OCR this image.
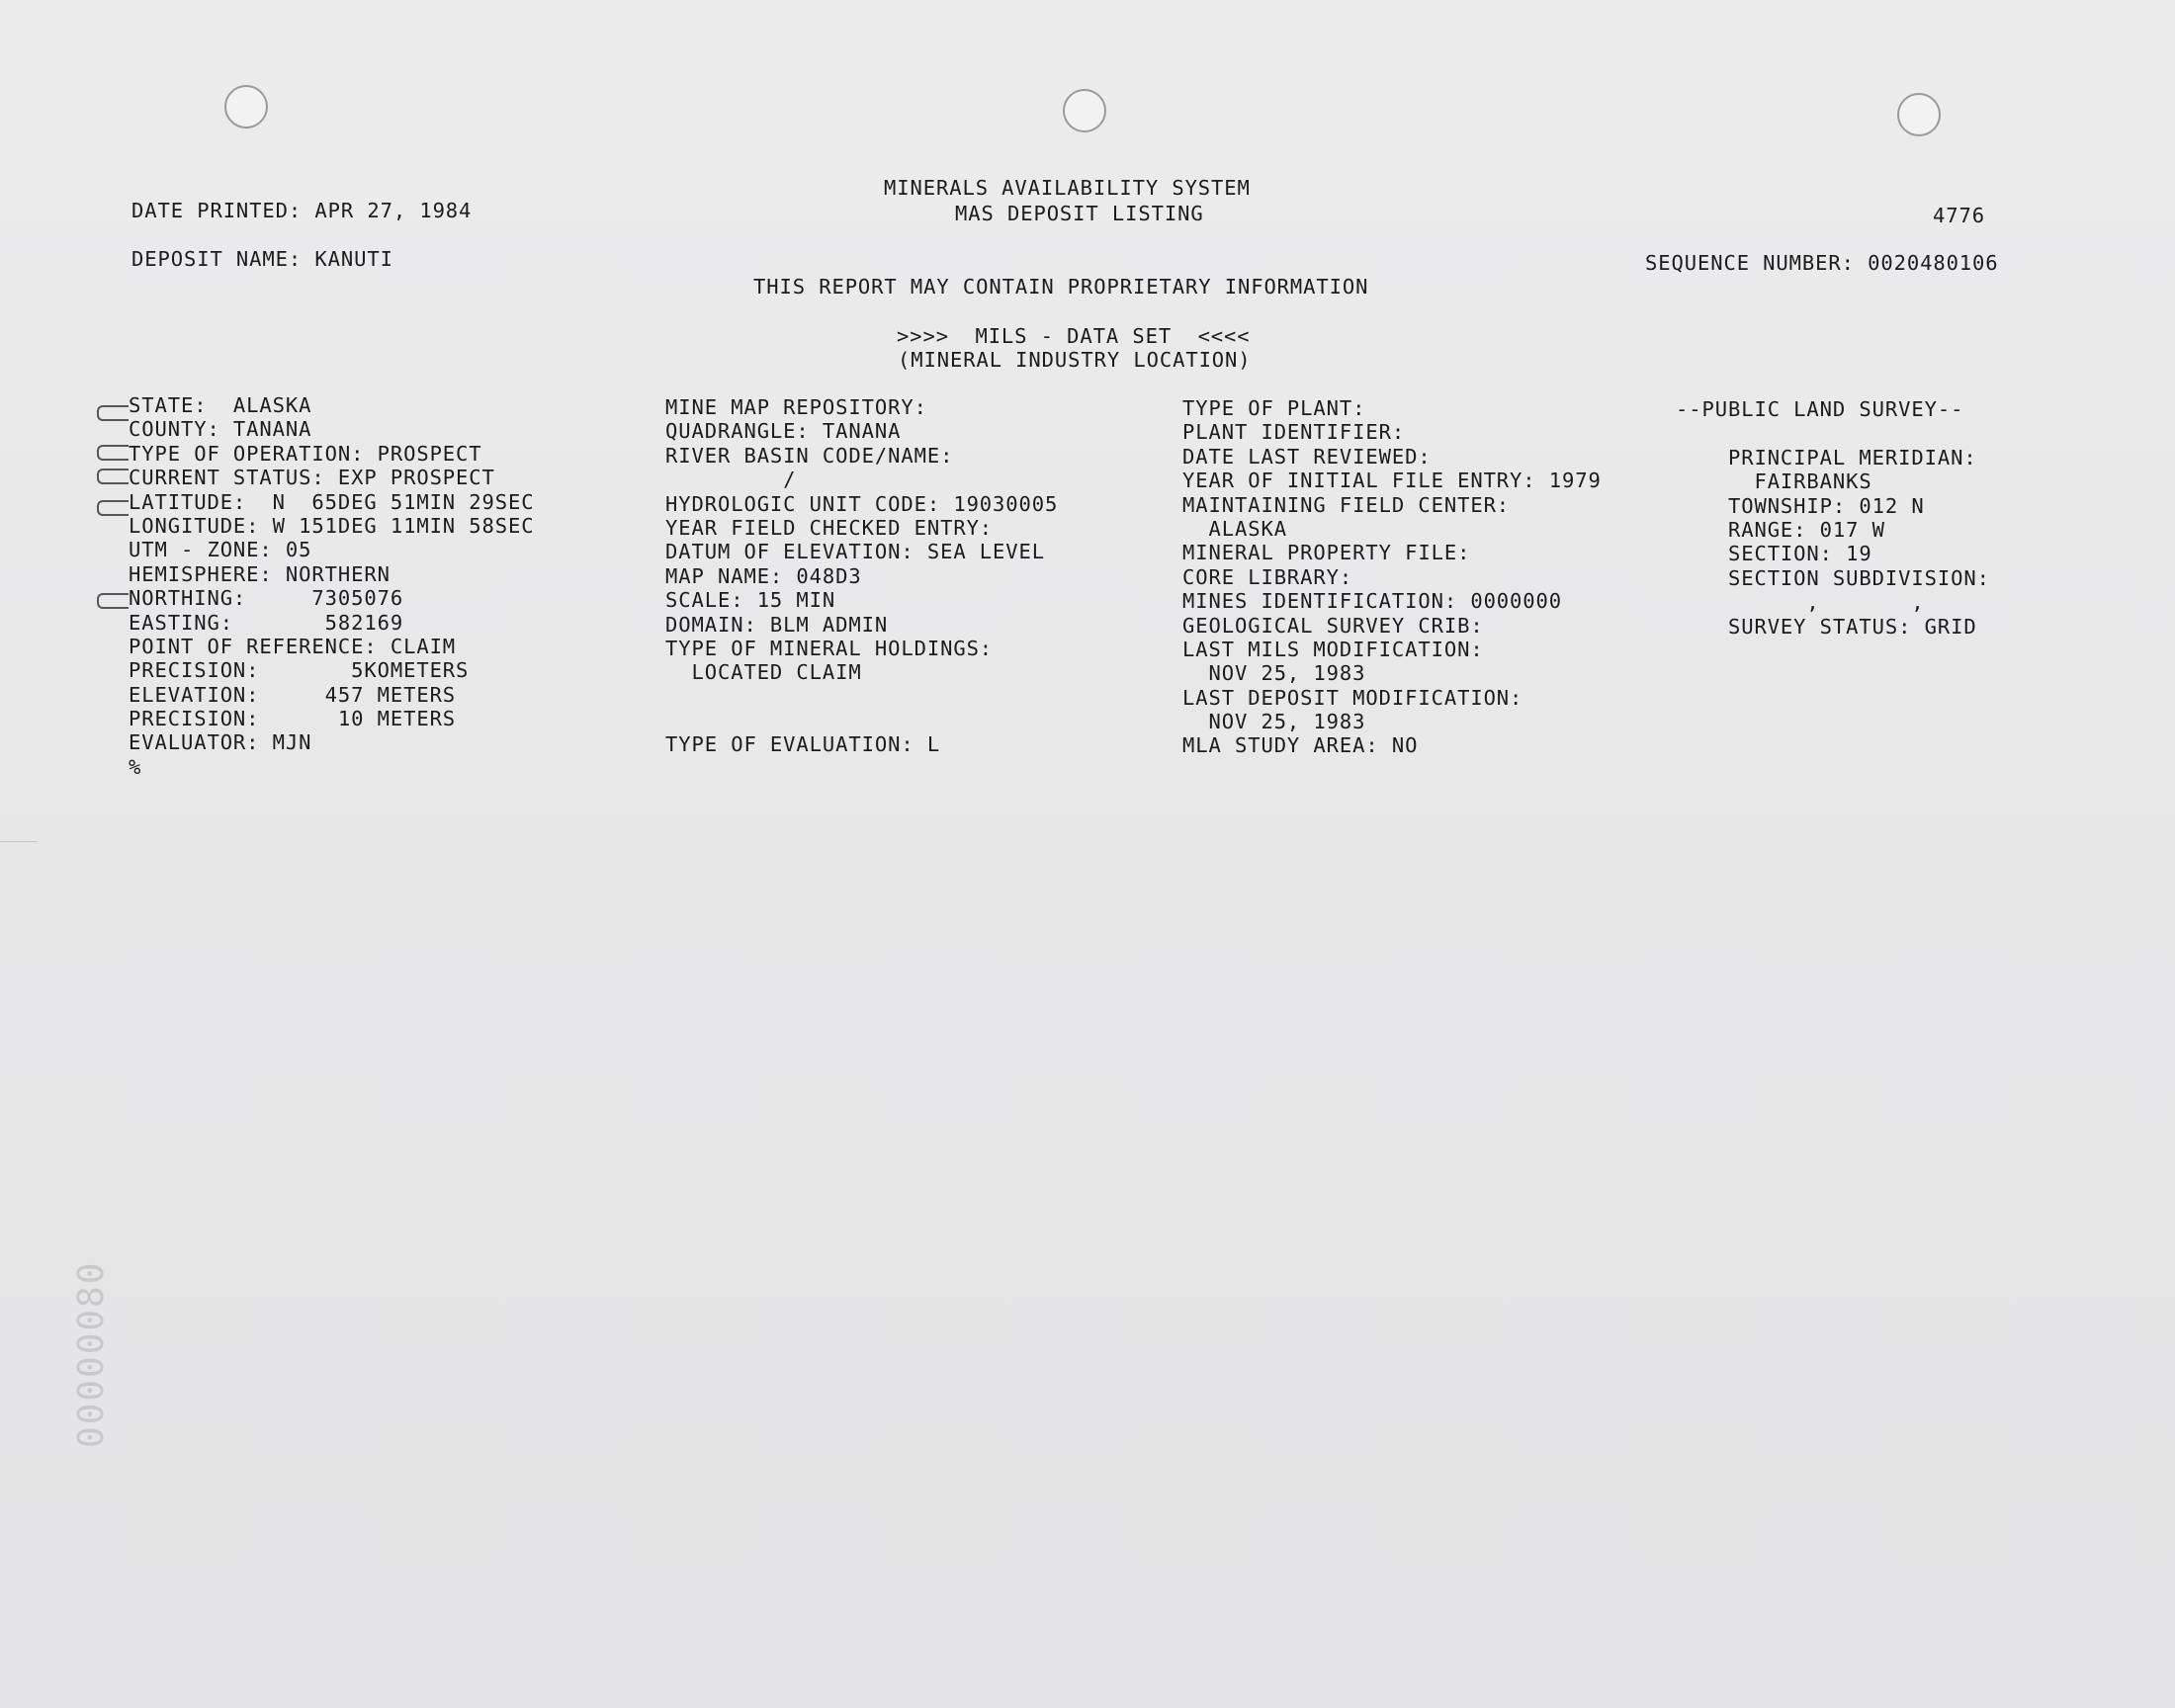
DATE PRINTED: APR 27, 1984
MINERALS AVAILABILITY SYSTEM
MAS DEPOSIT LISTING	4776
DEPOSIT NAME: KANUTI	SEQUENCE NUMBER: 0020480106
THIS REPORT MAY CONTAIN PROPRIETARY INFORMATION
>>>>  MILS - DATA SET  <<<<
(MINERAL INDUSTRY LOCATION)
STATE:  ALASKA
COUNTY: TANANA
TYPE OF OPERATION: PROSPECT
CURRENT STATUS: EXP PROSPECT
LATITUDE:  N  65DEG 51MIN 29SEC
LONGITUDE: W 151DEG 11MIN 58SEC
UTM - ZONE: 05
HEMISPHERE: NORTHERN
NORTHING:     7305076
EASTING:       582169
POINT OF REFERENCE: CLAIM
PRECISION:       5KOMETERS
ELEVATION:     457 METERS
PRECISION:      10 METERS
EVALUATOR: MJN
%
MINE MAP REPOSITORY:
QUADRANGLE: TANANA
RIVER BASIN CODE/NAME:
/
HYDROLOGIC UNIT CODE: 19030005
YEAR FIELD CHECKED ENTRY:
DATUM OF ELEVATION: SEA LEVEL
MAP NAME: 048D3
SCALE: 15 MIN
DOMAIN: BLM ADMIN
TYPE OF MINERAL HOLDINGS:
LOCATED CLAIM
TYPE OF EVALUATION: L
TYPE OF PLANT:
PLANT IDENTIFIER:
DATE LAST REVIEWED:
YEAR OF INITIAL FILE ENTRY: 1979
MAINTAINING FIELD CENTER:
ALASKA
MINERAL PROPERTY FILE:
CORE LIBRARY:
MINES IDENTIFICATION: 0000000
GEOLOGICAL SURVEY CRIB:
LAST MILS MODIFICATION:
NOV 25, 1983
LAST DEPOSIT MODIFICATION:
NOV 25, 1983
MLA STUDY AREA: NO
--PUBLIC LAND SURVEY--
PRINCIPAL MERIDIAN:
FAIRBANKS
TOWNSHIP: 012 N
RANGE: 017 W
SECTION: 19
SECTION SUBDIVISION:
,       ,
SURVEY STATUS: GRID
00000080
